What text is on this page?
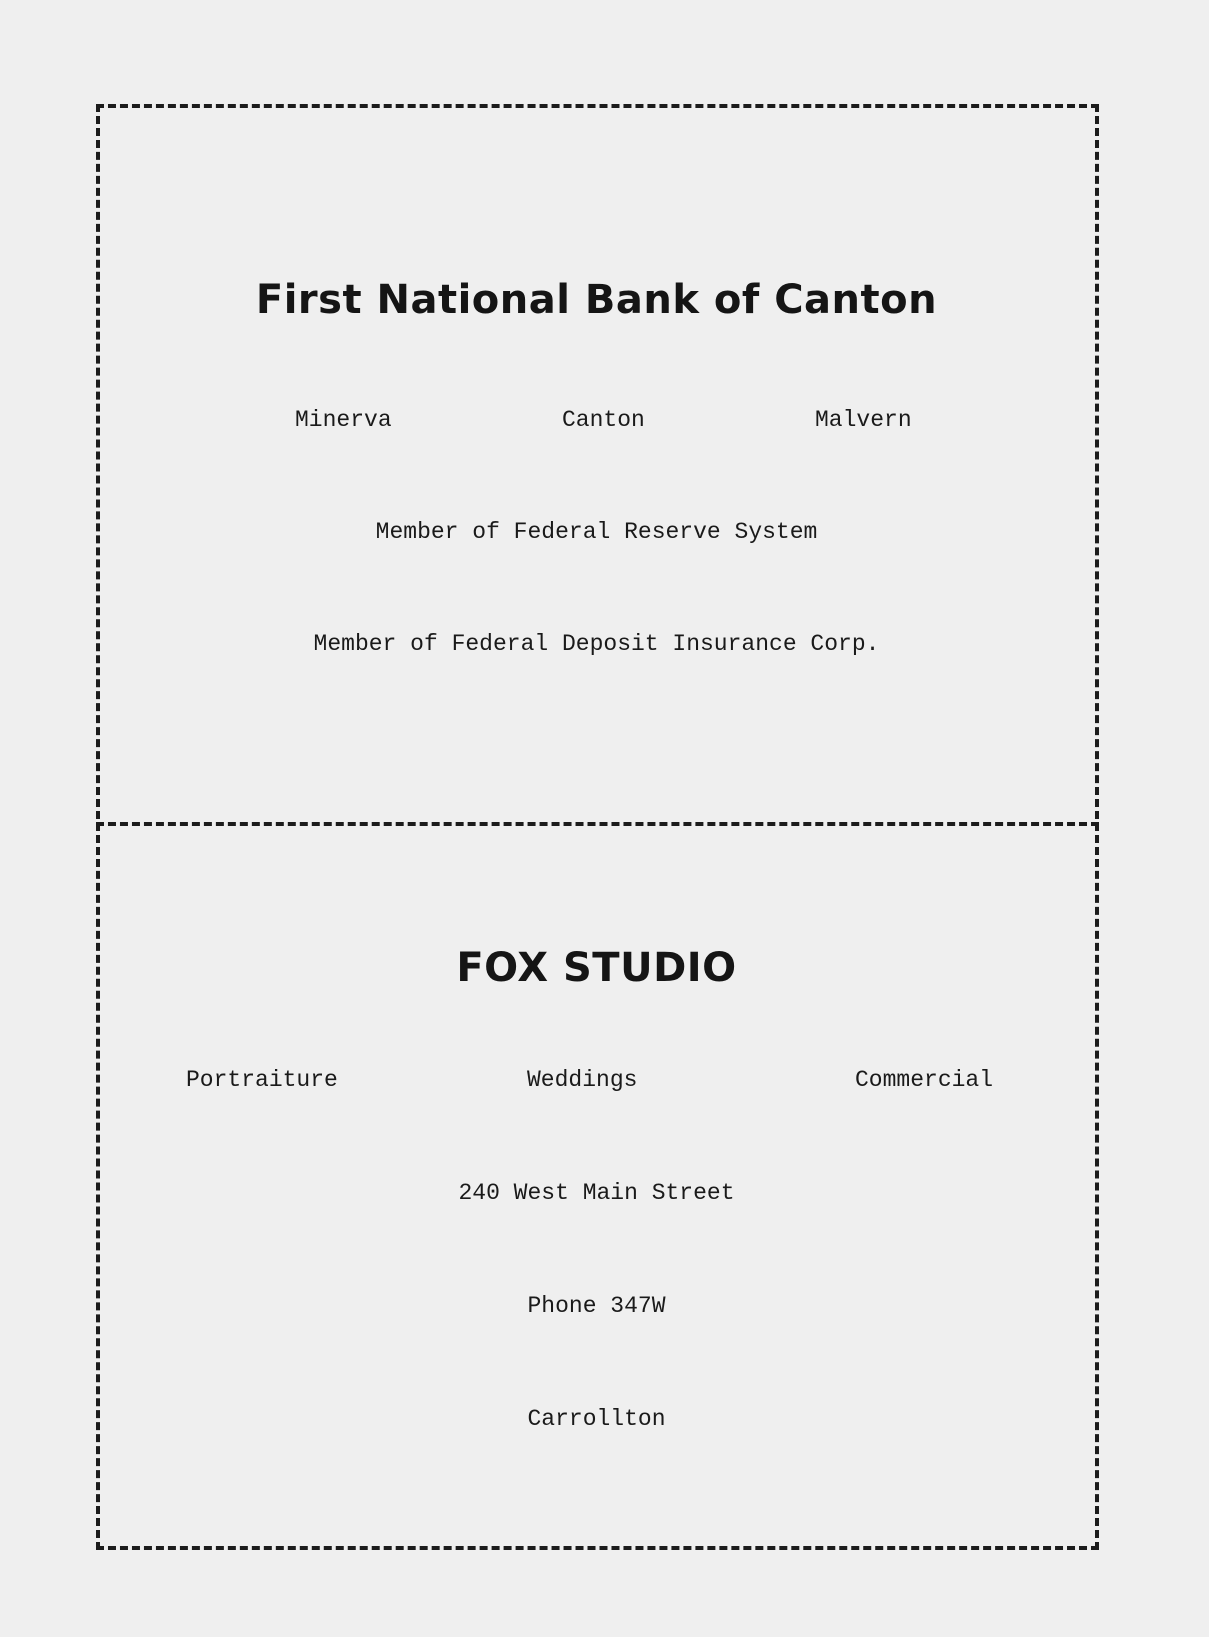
First National Bank of Canton
Minerva	Canton	Malvern
Member of Federal Reserve System
Member of Federal Deposit Insurance Corp.
FOX STUDIO
Portraiture	Weddings	Commercial
240 West Main Street
Phone 347W
Carrollton
